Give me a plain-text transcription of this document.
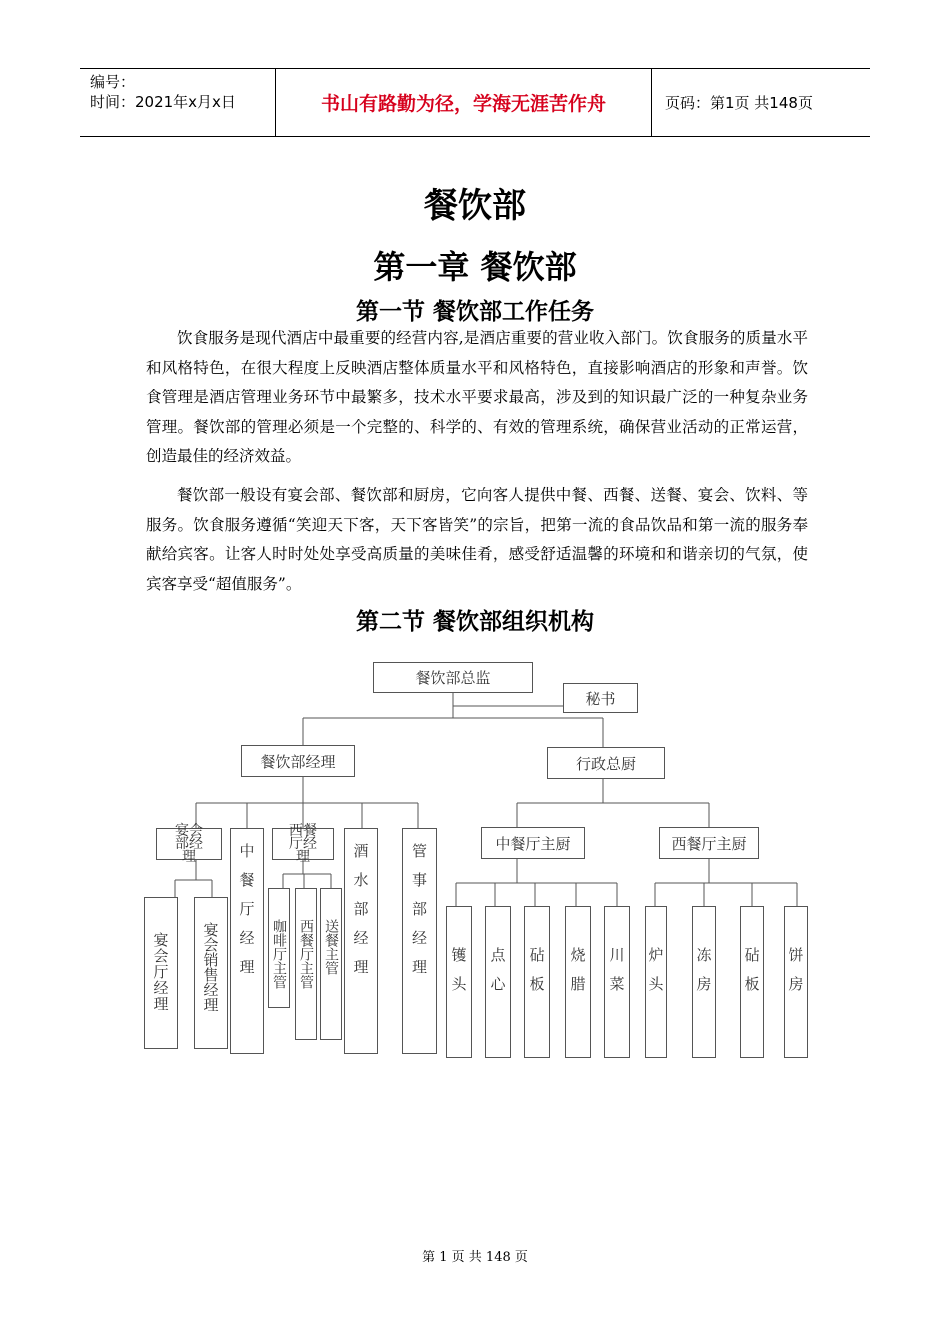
编号：
时间：2021年x月x日	书山有路勤为径，学海无涯苦作舟	页码：第1页 共148页
餐饮部
第一章 餐饮部
第一节 餐饮部工作任务
饮食服务是现代酒店中最重要的经营内容,是酒店重要的营业收入部门。饮食服务的质量水平和风格特色，在很大程度上反映酒店整体质量水平和风格特色，直接影响酒店的形象和声誉。饮食管理是酒店管理业务环节中最繁多，技术水平要求最高，涉及到的知识最广泛的一种复杂业务管理。餐饮部的管理必须是一个完整的、科学的、有效的管理系统，确保营业活动的正常运营，创造最佳的经济效益。
餐饮部一般设有宴会部、餐饮部和厨房，它向客人提供中餐、西餐、送餐、宴会、饮料、等服务。饮食服务遵循“笑迎天下客，天下客皆笑”的宗旨，把第一流的食品饮品和第一流的服务奉献给宾客。让客人时时处处享受高质量的美味佳肴，感受舒适温馨的环境和和谐亲切的气氛，使宾客享受“超值服务”。
第二节 餐饮部组织机构
餐饮部总监
秘书
餐饮部经理	行政总厨
宴会部经理	中餐厅经理
西餐厅经理	酒水部经理	管事部经理
宴会厅经理 宴会销售经理	咖啡厅主管 西餐厅主管 送餐主管
中餐厅主厨	西餐厅主厨
镬头 点心 砧板 烧腊 川菜 炉头 冻房 砧板 饼房
第 1 页 共 148 页
